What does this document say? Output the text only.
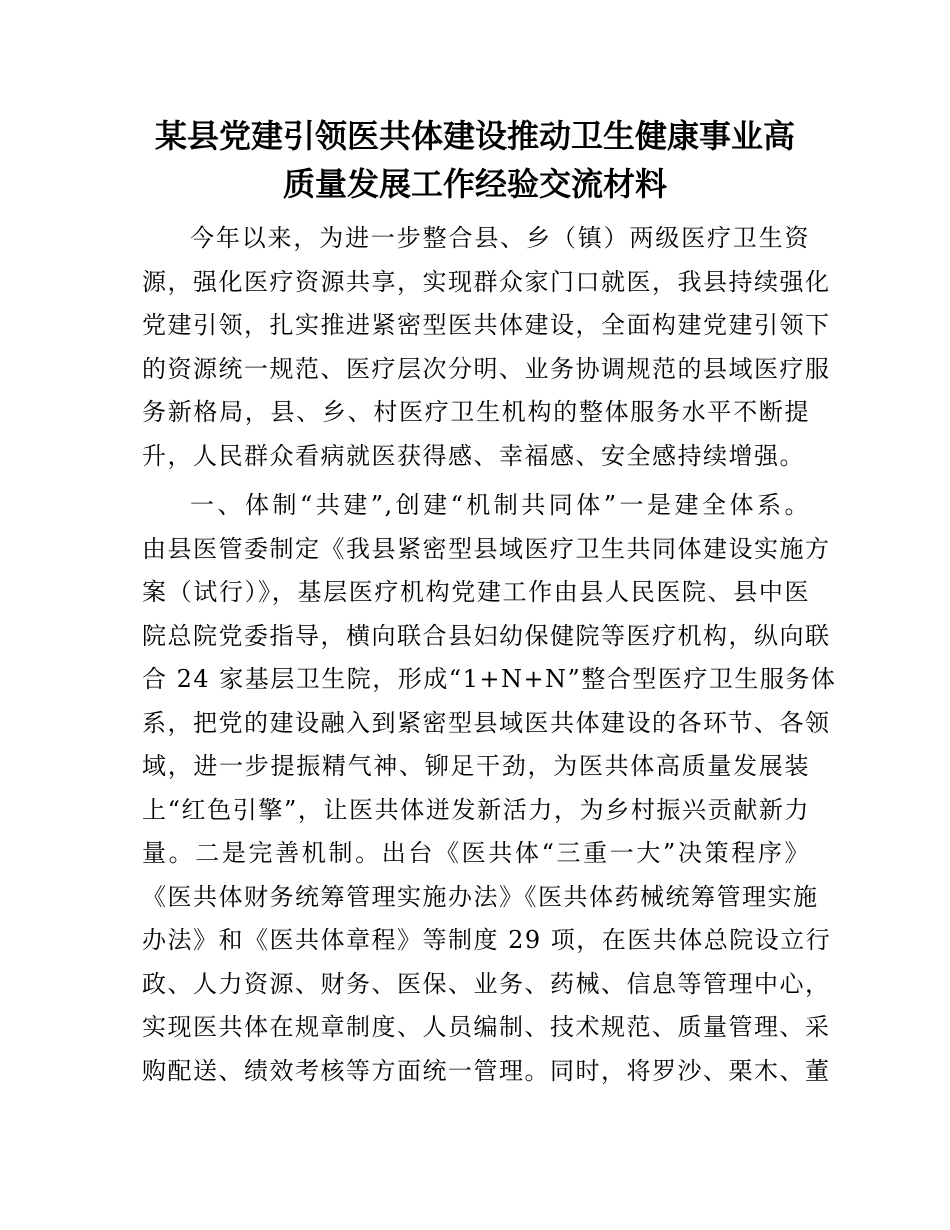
某县党建引领医共体建设推动卫生健康事业高
质量发展工作经验交流材料

今年以来，为进一步整合县、乡（镇）两级医疗卫生资
源，强化医疗资源共享，实现群众家门口就医，我县持续强化
党建引领，扎实推进紧密型医共体建设，全面构建党建引领下
的资源统一规范、医疗层次分明、业务协调规范的县域医疗服
务新格局，县、乡、村医疗卫生机构的整体服务水平不断提
升，人民群众看病就医获得感、幸福感、安全感持续增强。

一、体制“共建”,创建“机制共同体”一是建全体系。
由县医管委制定《我县紧密型县域医疗卫生共同体建设实施方
案（试行）》，基层医疗机构党建工作由县人民医院、县中医
院总院党委指导，横向联合县妇幼保健院等医疗机构，纵向联
合 24 家基层卫生院，形成“1+N+N”整合型医疗卫生服务体
系，把党的建设融入到紧密型县域医共体建设的各环节、各领
域，进一步提振精气神、铆足干劲，为医共体高质量发展装
上“红色引擎”，让医共体迸发新活力，为乡村振兴贡献新力
量。二是完善机制。出台《医共体“三重一大”决策程序》
《医共体财务统筹管理实施办法》《医共体药械统筹管理实施
办法》和《医共体章程》等制度 29 项，在医共体总院设立行
政、人力资源、财务、医保、业务、药械、信息等管理中心，
实现医共体在规章制度、人员编制、技术规范、质量管理、采
购配送、绩效考核等方面统一管理。同时，将罗沙、栗木、董
